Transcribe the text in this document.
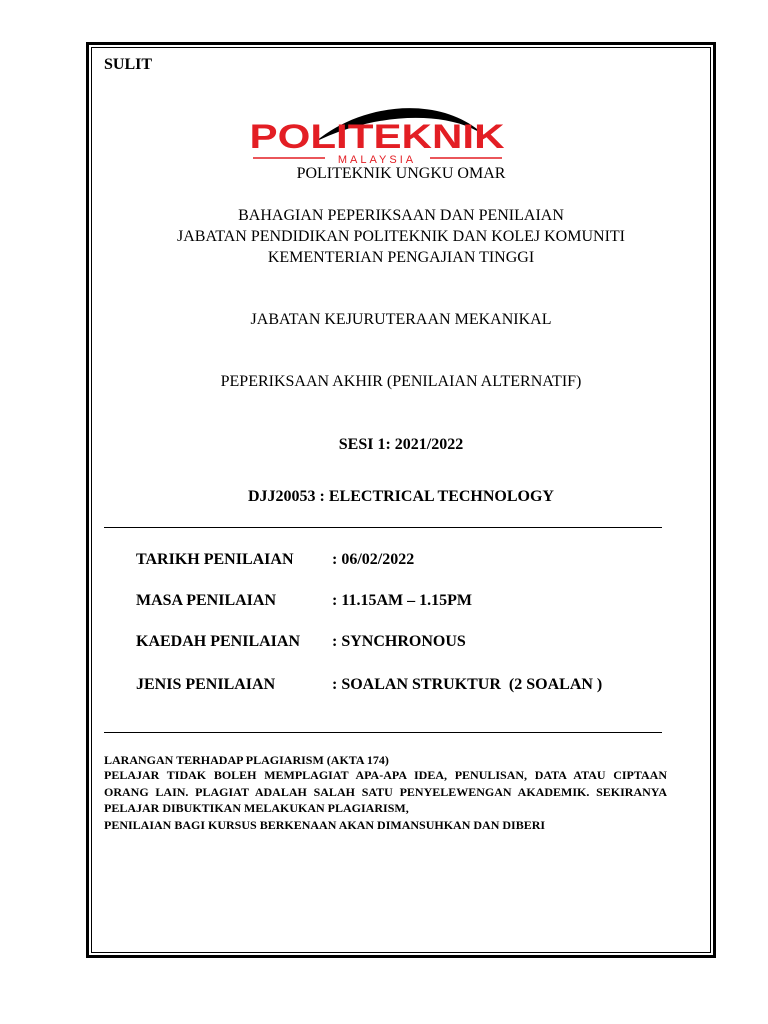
SULIT
POLITEKNIK
MALAYSIA
POLITEKNIK UNGKU OMAR
BAHAGIAN PEPERIKSAAN DAN PENILAIAN
JABATAN PENDIDIKAN POLITEKNIK DAN KOLEJ KOMUNITI
KEMENTERIAN PENGAJIAN TINGGI
JABATAN KEJURUTERAAN MEKANIKAL
PEPERIKSAAN AKHIR (PENILAIAN ALTERNATIF)
SESI 1: 2021/2022
DJJ20053 : ELECTRICAL TECHNOLOGY
TARIKH PENILAIAN : 06/02/2022
MASA PENILAIAN	: 11.15AM – 1.15PM
KAEDAH PENILAIAN : SYNCHRONOUS
JENIS PENILAIAN	: SOALAN STRUKTUR  (2 SOALAN )
LARANGAN TERHADAP PLAGIARISM (AKTA 174)
PELAJAR TIDAK BOLEH MEMPLAGIAT APA-APA IDEA, PENULISAN, DATA ATAU CIPTAAN ORANG LAIN. PLAGIAT ADALAH SALAH SATU PENYELEWENGAN AKADEMIK. SEKIRANYA PELAJAR DIBUKTIKAN MELAKUKAN PLAGIARISM,
PENILAIAN BAGI KURSUS BERKENAAN AKAN DIMANSUHKAN DAN DIBERI
